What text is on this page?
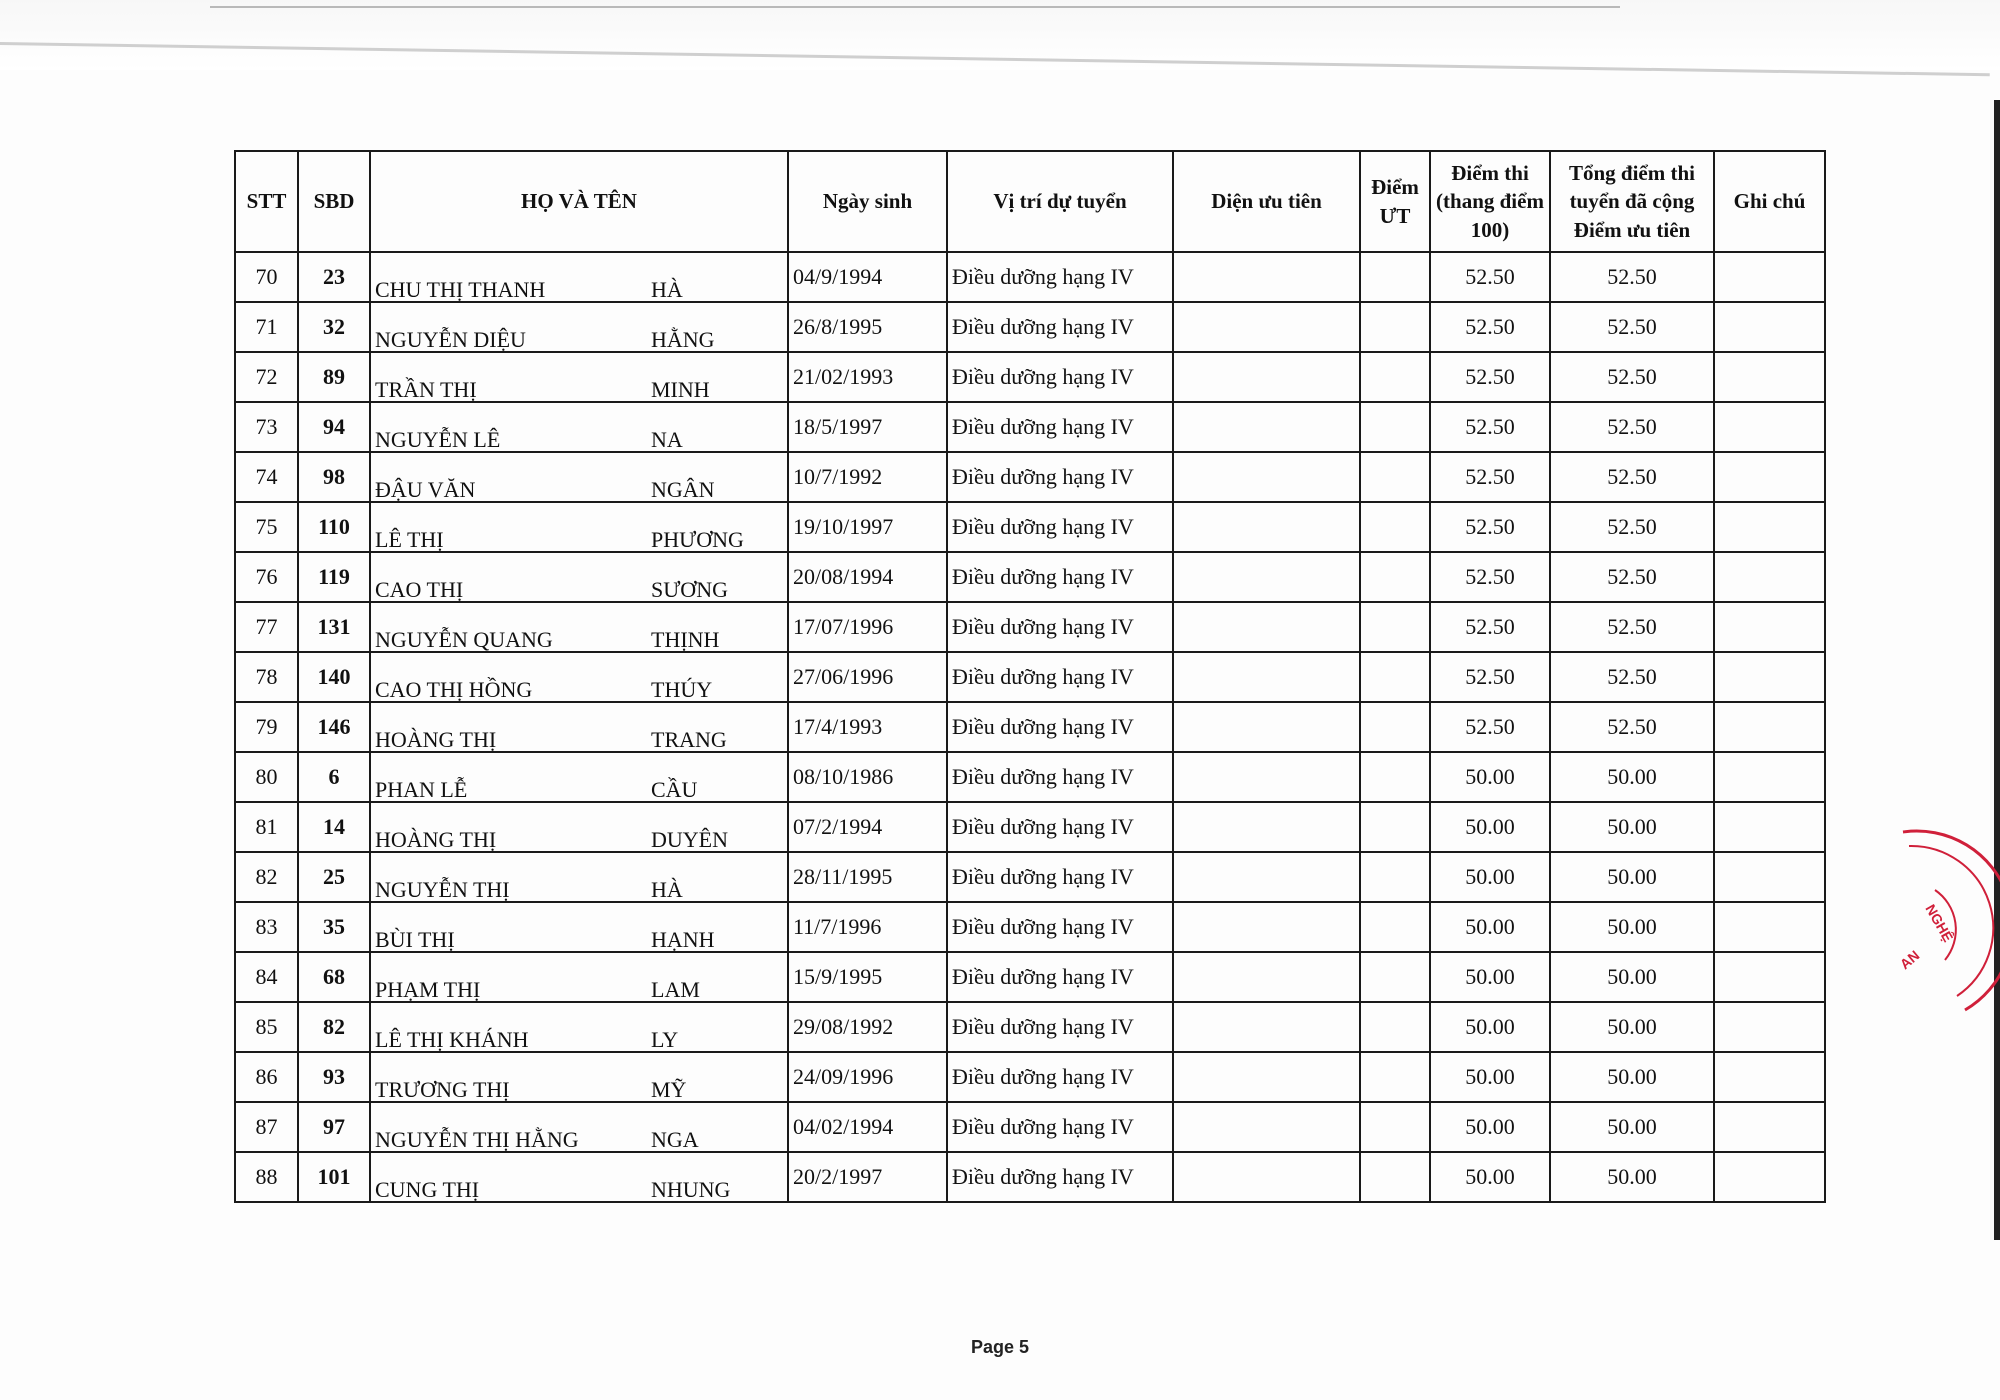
STT	SBD	HỌ VÀ TÊN	Ngày sinh	Vị trí dự tuyển	Diện ưu tiên	Điểm ƯT	Điểm thi (thang điểm 100)	Tổng điểm thi tuyển đã cộng Điểm ưu tiên	Ghi chú
70	23	CHU THỊ THANH HÀ	04/9/1994	Điều dưỡng hạng IV			52.50	52.50	
71	32	NGUYỄN DIỆU HẰNG	26/8/1995	Điều dưỡng hạng IV			52.50	52.50	
72	89	TRẦN THỊ MINH	21/02/1993	Điều dưỡng hạng IV			52.50	52.50	
73	94	NGUYỄN LÊ NA	18/5/1997	Điều dưỡng hạng IV			52.50	52.50	
74	98	ĐẬU VĂN NGÂN	10/7/1992	Điều dưỡng hạng IV			52.50	52.50	
75	110	LÊ THỊ PHƯƠNG	19/10/1997	Điều dưỡng hạng IV			52.50	52.50	
76	119	CAO THỊ SƯƠNG	20/08/1994	Điều dưỡng hạng IV			52.50	52.50	
77	131	NGUYỄN QUANG THỊNH	17/07/1996	Điều dưỡng hạng IV			52.50	52.50	
78	140	CAO THỊ HỒNG THÚY	27/06/1996	Điều dưỡng hạng IV			52.50	52.50	
79	146	HOÀNG THỊ TRANG	17/4/1993	Điều dưỡng hạng IV			52.50	52.50	
80	6	PHAN LỄ CẦU	08/10/1986	Điều dưỡng hạng IV			50.00	50.00	
81	14	HOÀNG THỊ DUYÊN	07/2/1994	Điều dưỡng hạng IV			50.00	50.00	
82	25	NGUYỄN THỊ HÀ	28/11/1995	Điều dưỡng hạng IV			50.00	50.00	
83	35	BÙI THỊ HẠNH	11/7/1996	Điều dưỡng hạng IV			50.00	50.00	
84	68	PHẠM THỊ LAM	15/9/1995	Điều dưỡng hạng IV			50.00	50.00	
85	82	LÊ THỊ KHÁNH LY	29/08/1992	Điều dưỡng hạng IV			50.00	50.00	
86	93	TRƯƠNG THỊ MỸ	24/09/1996	Điều dưỡng hạng IV			50.00	50.00	
87	97	NGUYỄN THỊ HẰNG NGA	04/02/1994	Điều dưỡng hạng IV			50.00	50.00	
88	101	CUNG THỊ NHUNG	20/2/1997	Điều dưỡng hạng IV			50.00	50.00	
Page 5
NGHỆ
AN
